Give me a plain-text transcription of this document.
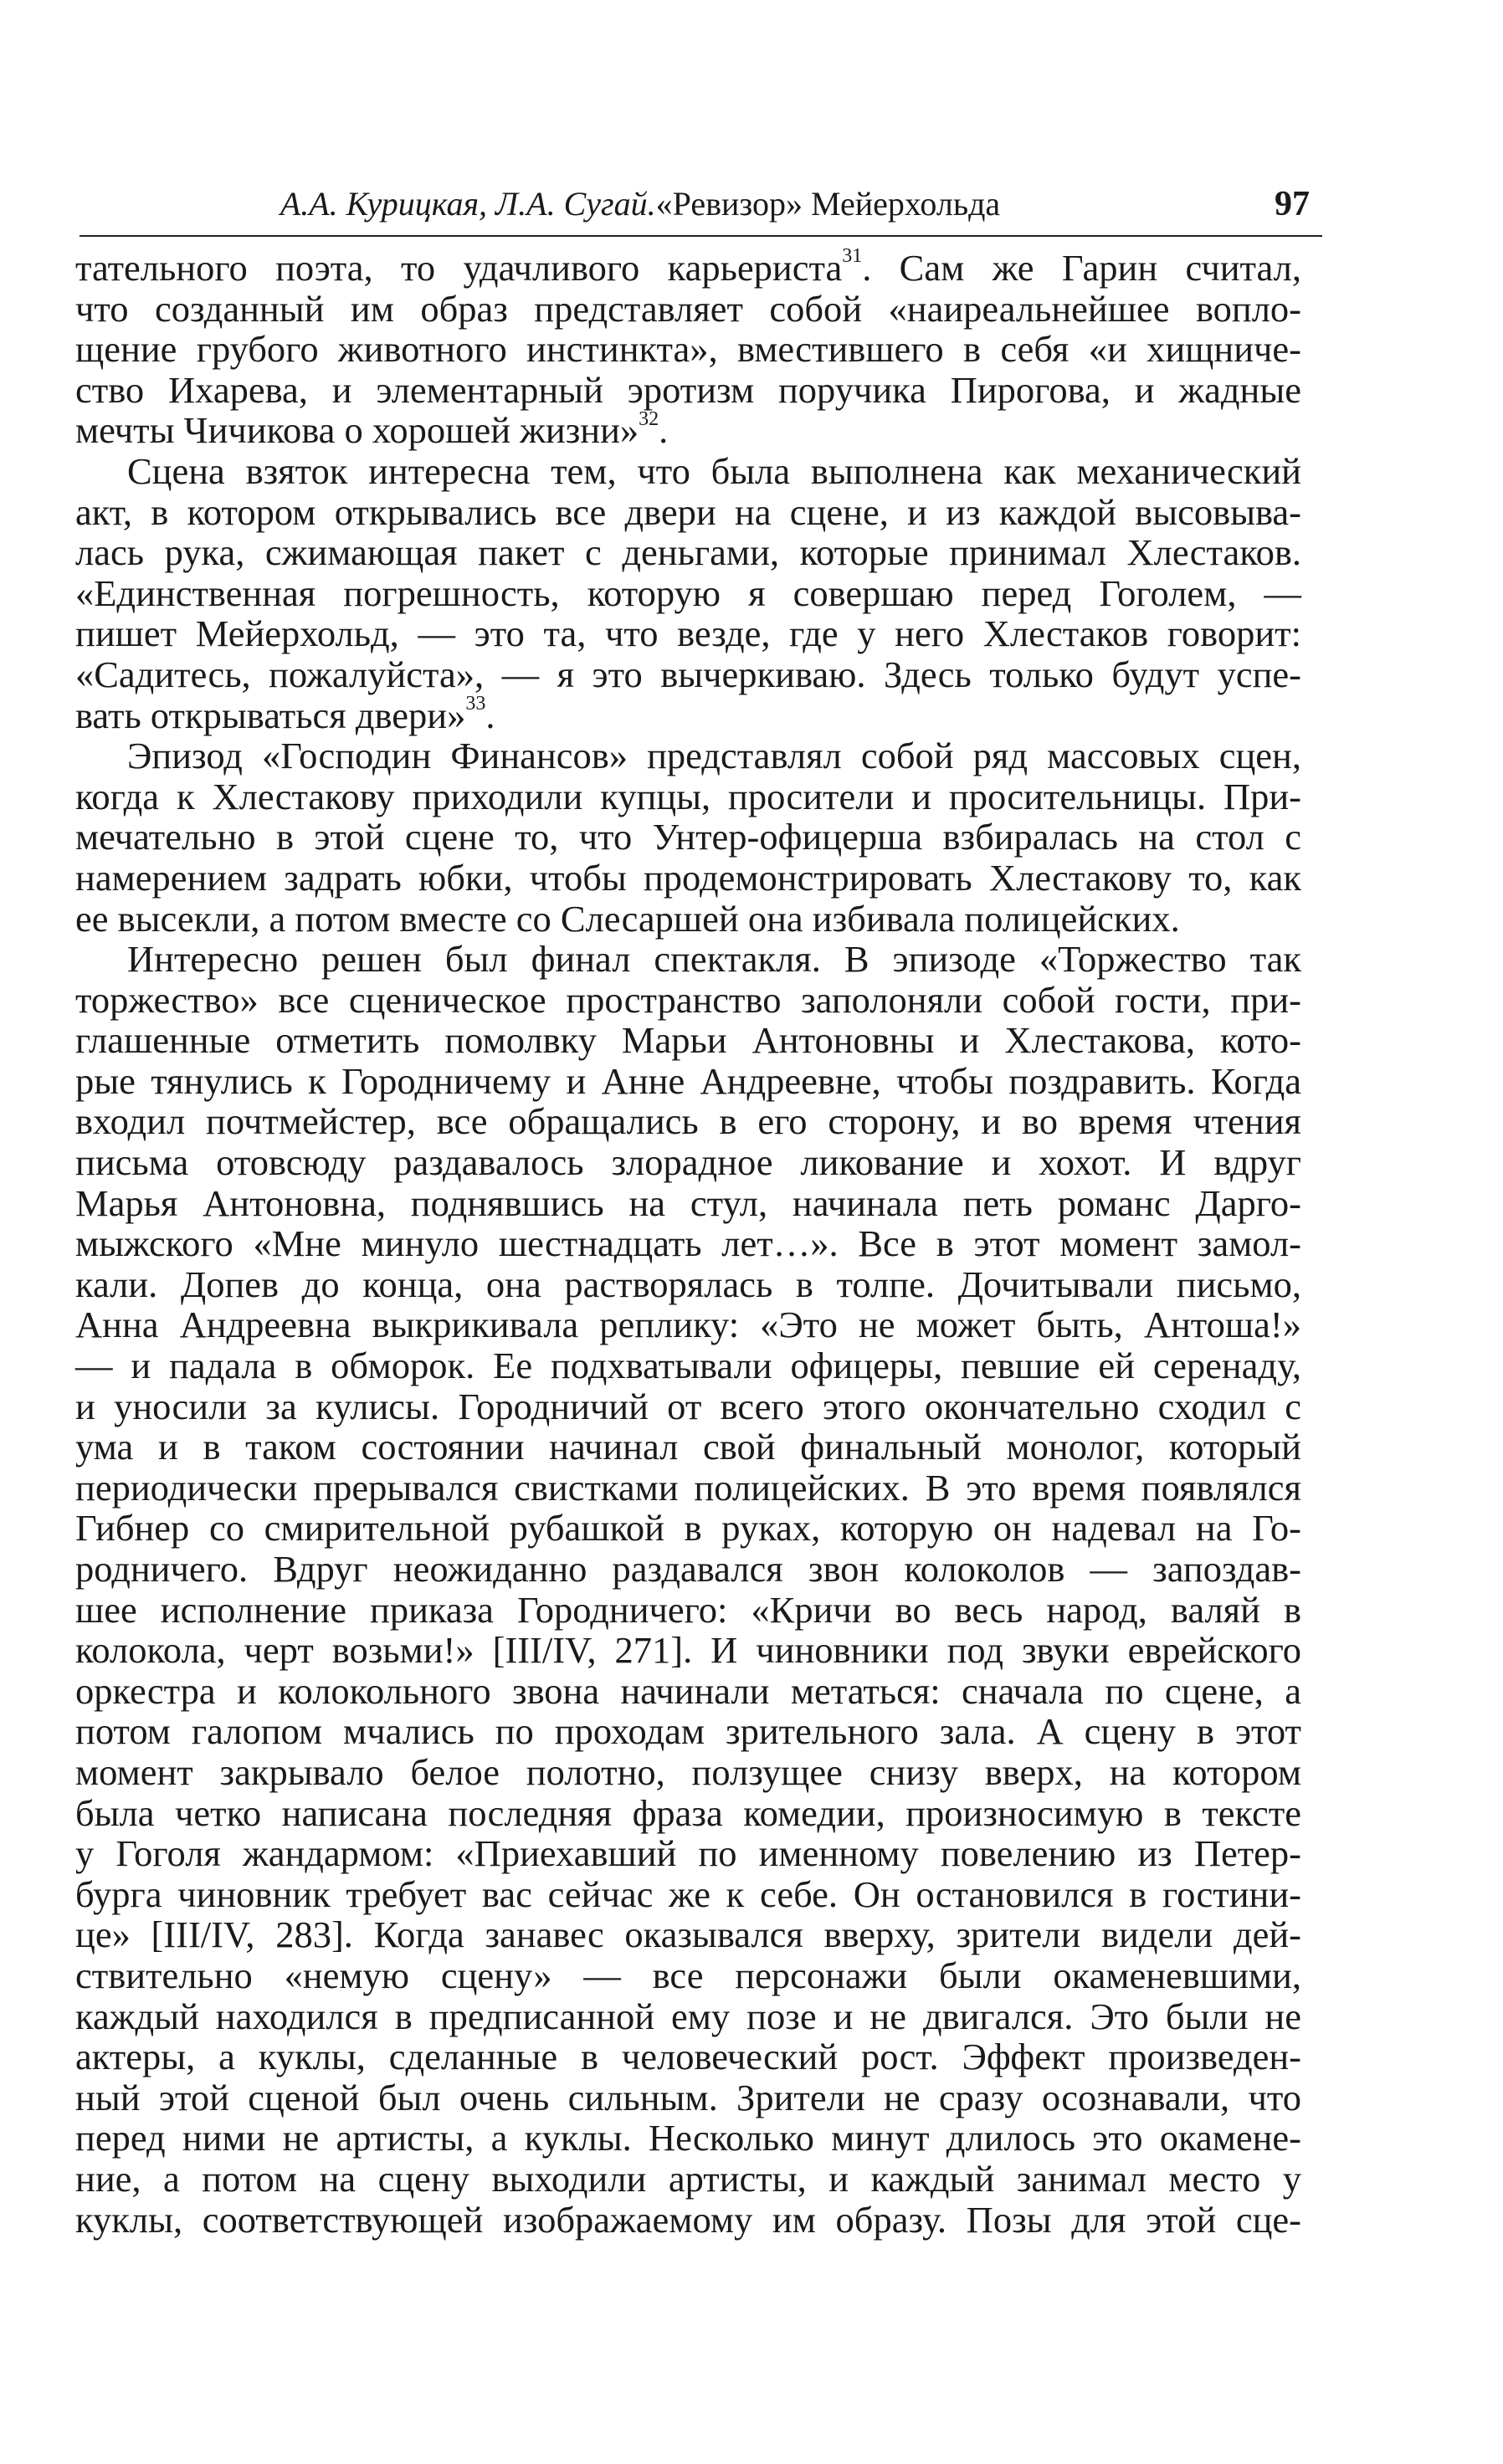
А.А. Курицкая, Л.А. Сугай.«Ревизор» Мейерхольда	97
тательного поэта, то удачливого карьериста$^{31}$. Сам же Гарин считал,
что созданный им образ представляет собой «наиреальнейшее вопло-
щение грубого животного инстинкта», вместившего в себя «и хищниче-
ство Ихарева, и элементарный эротизм поручика Пирогова, и жадные
мечты Чичикова о хорошей жизни»$^{32}$.
Сцена взяток интересна тем, что была выполнена как механический
акт, в котором открывались все двери на сцене, и из каждой высовыва-
лась рука, сжимающая пакет с деньгами, которые принимал Хлестаков.
«Единственная погрешность, которую я совершаю перед Гоголем, —
пишет Мейерхольд, — это та, что везде, где у него Хлестаков говорит:
«Садитесь, пожалуйста», — я это вычеркиваю. Здесь только будут успе-
вать открываться двери»$^{33}$.
Эпизод «Господин Финансов» представлял собой ряд массовых сцен,
когда к Хлестакову приходили купцы, просители и просительницы. При-
мечательно в этой сцене то, что Унтер-офицерша взбиралась на стол с
намерением задрать юбки, чтобы продемонстрировать Хлестакову то, как
ее высекли, а потом вместе со Слесаршей она избивала полицейских.
Интересно решен был финал спектакля. В эпизоде «Торжество так
торжество» все сценическое пространство заполоняли собой гости, при-
глашенные отметить помолвку Марьи Антоновны и Хлестакова, кото-
рые тянулись к Городничему и Анне Андреевне, чтобы поздравить. Когда
входил почтмейстер, все обращались в его сторону, и во время чтения
письма отовсюду раздавалось злорадное ликование и хохот. И вдруг
Марья Антоновна, поднявшись на стул, начинала петь романс Дарго-
мыжского «Мне минуло шестнадцать лет…». Все в этот момент замол-
кали. Допев до конца, она растворялась в толпе. Дочитывали письмо,
Анна Андреевна выкрикивала реплику: «Это не может быть, Антоша!»
— и падала в обморок. Ее подхватывали офицеры, певшие ей серенаду,
и уносили за кулисы. Городничий от всего этого окончательно сходил с
ума и в таком состоянии начинал свой финальный монолог, который
периодически прерывался свистками полицейских. В это время появлялся
Гибнер со смирительной рубашкой в руках, которую он надевал на Го-
родничего. Вдруг неожиданно раздавался звон колоколов — запоздав-
шее исполнение приказа Городничего: «Кричи во весь народ, валяй в
колокола, черт возьми!» [III/IV, 271]. И чиновники под звуки еврейского
оркестра и колокольного звона начинали метаться: сначала по сцене, а
потом галопом мчались по проходам зрительного зала. А сцену в этот
момент закрывало белое полотно, ползущее снизу вверх, на котором
была четко написана последняя фраза комедии, произносимую в тексте
у Гоголя жандармом: «Приехавший по именному повелению из Петер-
бурга чиновник требует вас сейчас же к себе. Он остановился в гостини-
це» [III/IV, 283]. Когда занавес оказывался вверху, зрители видели дей-
ствительно «немую сцену» — все персонажи были окаменевшими,
каждый находился в предписанной ему позе и не двигался. Это были не
актеры, а куклы, сделанные в человеческий рост. Эффект произведен-
ный этой сценой был очень сильным. Зрители не сразу осознавали, что
перед ними не артисты, а куклы. Несколько минут длилось это окамене-
ние, а потом на сцену выходили артисты, и каждый занимал место у
куклы, соответствующей изображаемому им образу. Позы для этой сце-
